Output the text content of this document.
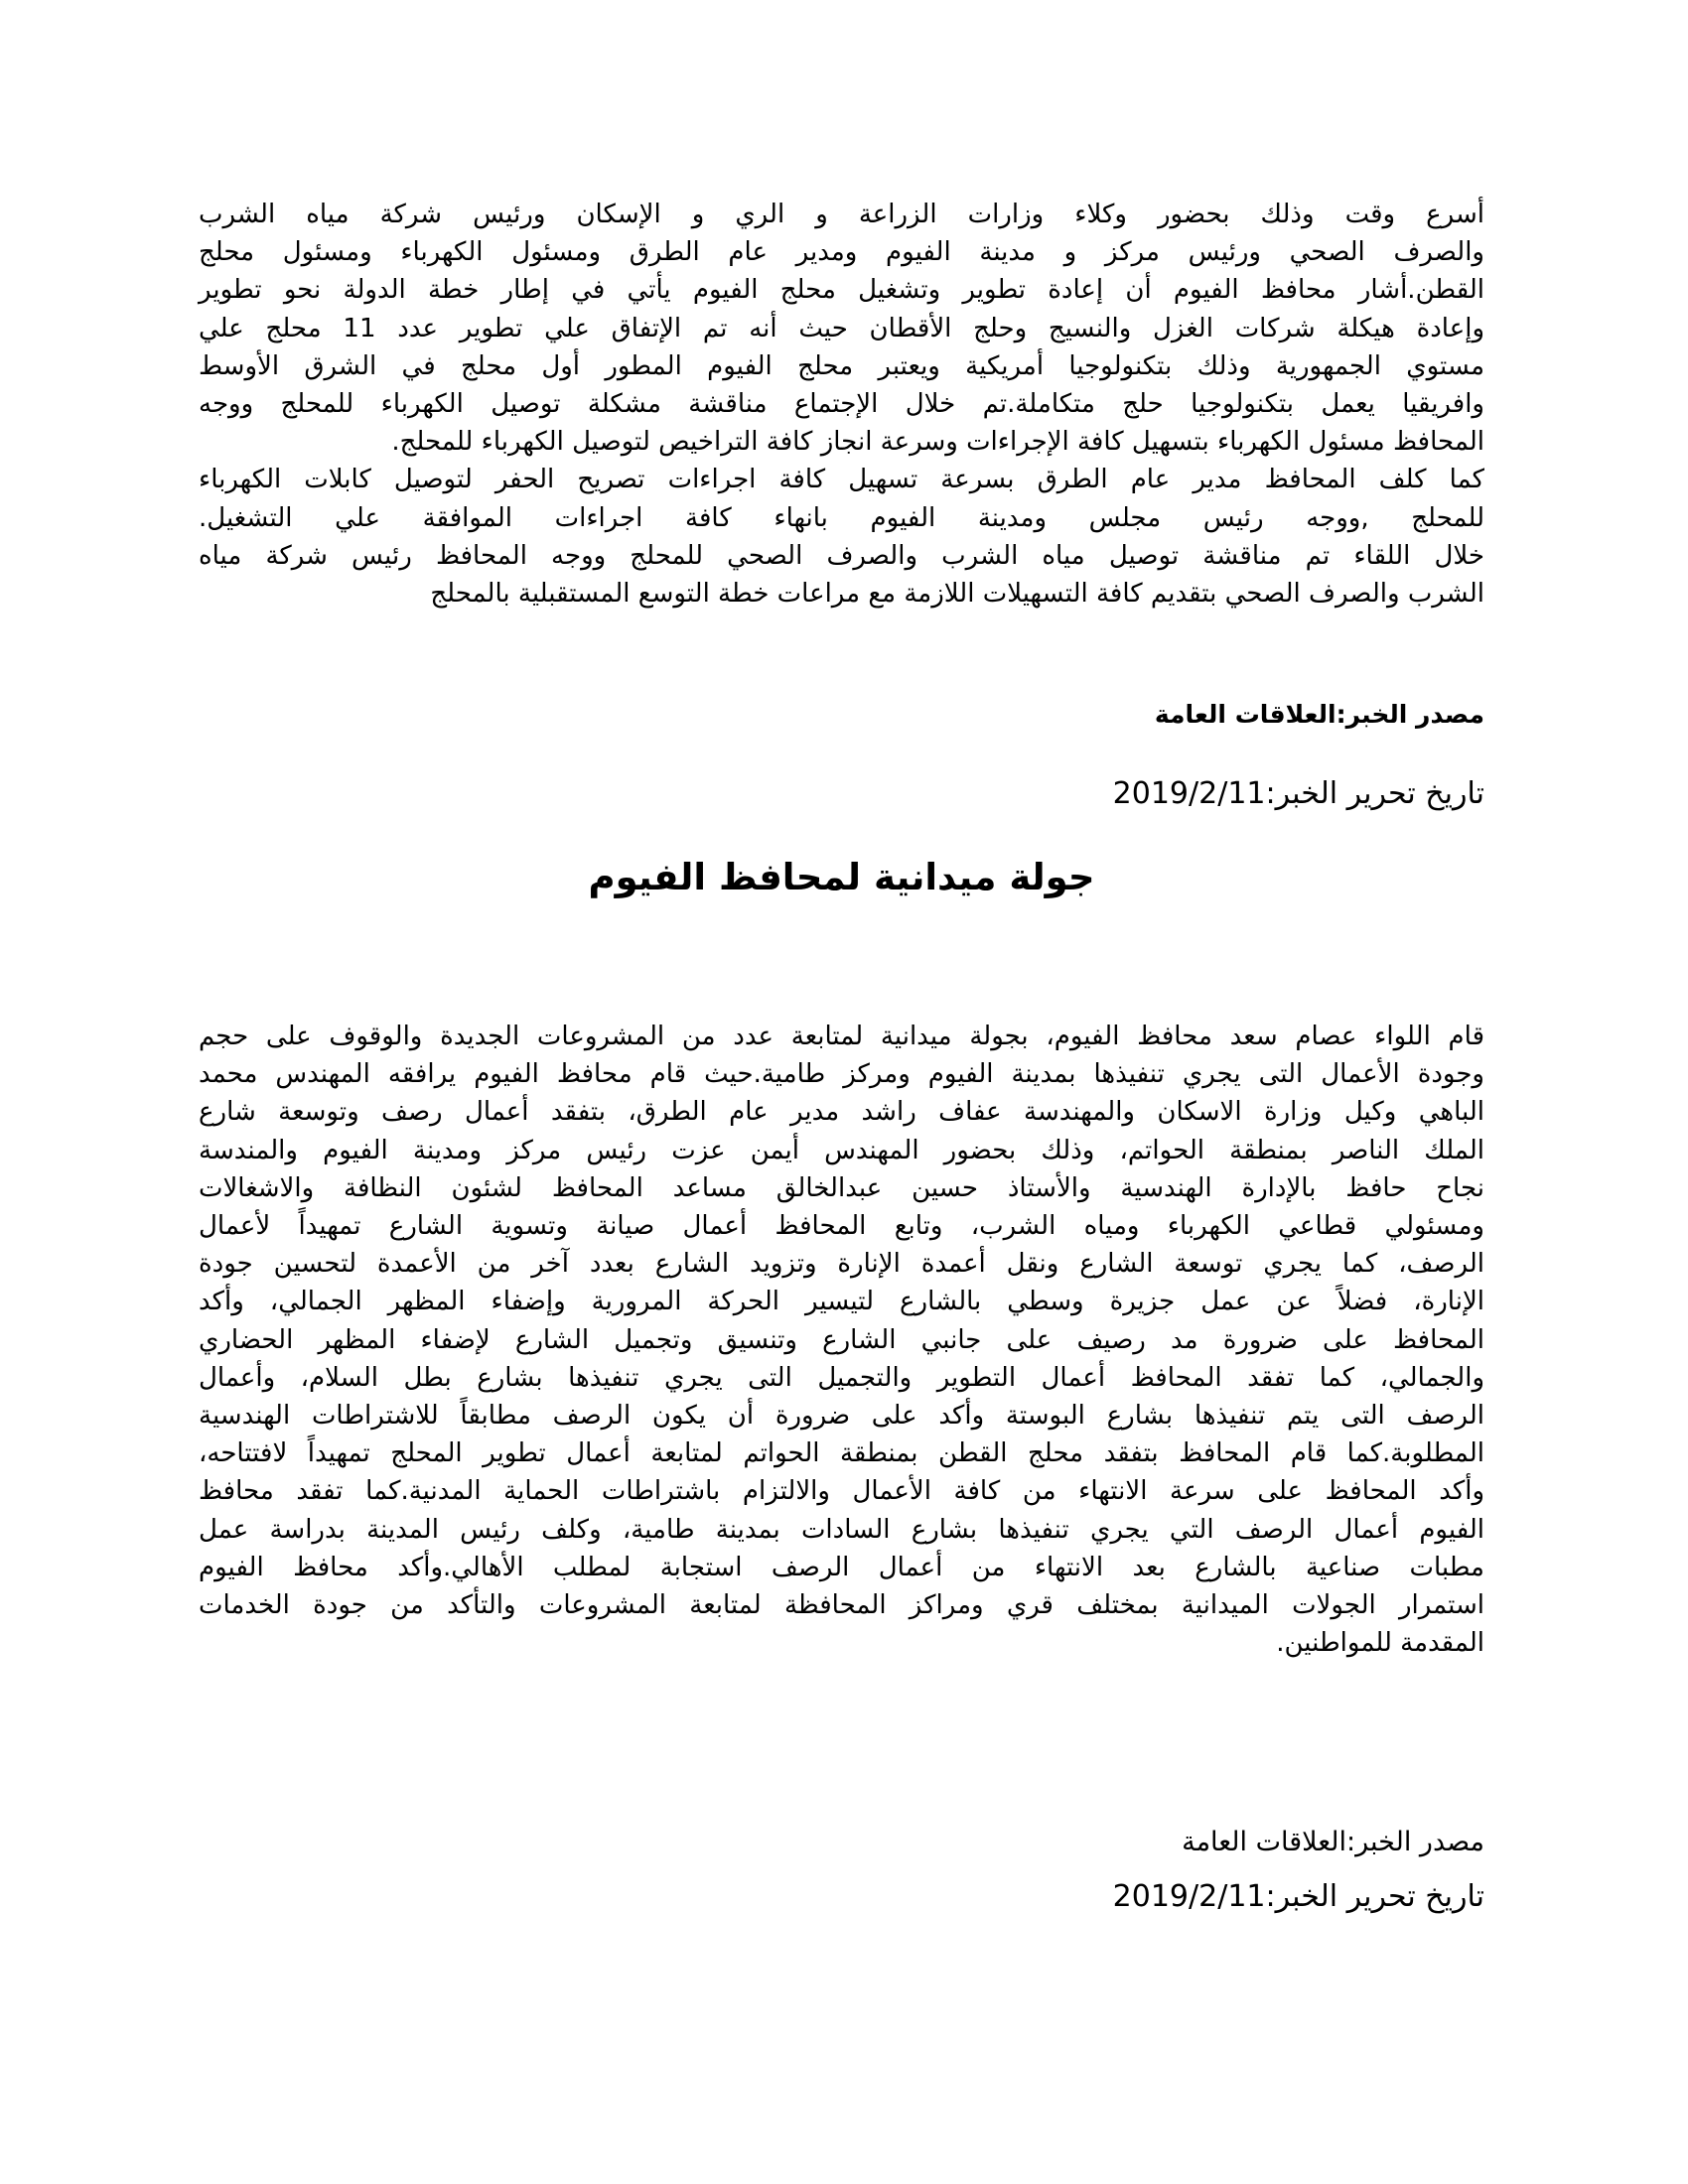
أسرع وقت وذلك بحضور وكلاء وزارات الزراعة و الري و الإسكان ورئيس شركة مياه الشرب
والصرف الصحي ورئيس مركز و مدينة الفيوم ومدير عام الطرق ومسئول الكهرباء ومسئول محلج
القطن.أشار محافظ الفيوم أن إعادة تطوير وتشغيل محلج الفيوم يأتي في إطار خطة الدولة نحو تطوير
وإعادة هيكلة شركات الغزل والنسيج وحلج الأقطان حيث أنه تم الإتفاق علي تطوير عدد 11 محلج علي
مستوي الجمهورية وذلك بتكنولوجيا أمريكية ويعتبر محلج الفيوم المطور أول محلج في الشرق الأوسط
وافريقيا يعمل بتكنولوجيا حلج متكاملة.تم خلال الإجتماع مناقشة مشكلة توصيل الكهرباء للمحلج ووجه
المحافظ مسئول الكهرباء بتسهيل كافة الإجراءات وسرعة انجاز كافة التراخيص لتوصيل الكهرباء للمحلج.
كما كلف المحافظ مدير عام الطرق بسرعة تسهيل كافة اجراءات تصريح الحفر لتوصيل كابلات الكهرباء
للمحلج ,ووجه رئيس مجلس ومدينة الفيوم بانهاء كافة اجراءات الموافقة علي التشغيل.
خلال اللقاء تم مناقشة توصيل مياه الشرب والصرف الصحي للمحلج ووجه المحافظ رئيس شركة مياه
الشرب والصرف الصحي بتقديم كافة التسهيلات اللازمة مع مراعات خطة التوسع المستقبلية بالمحلج
مصدر الخبر:العلاقات العامة
تاريخ تحرير الخبر:2019/2/11
جولة ميدانية لمحافظ الفيوم
قام اللواء عصام سعد محافظ الفيوم، بجولة ميدانية لمتابعة عدد من المشروعات الجديدة والوقوف على حجم
وجودة الأعمال التى يجري تنفيذها بمدينة الفيوم ومركز طامية.حيث قام محافظ الفيوم يرافقه المهندس محمد
الباهي وكيل وزارة الاسكان والمهندسة عفاف راشد مدير عام الطرق، بتفقد أعمال رصف وتوسعة شارع
الملك الناصر بمنطقة الحواتم، وذلك بحضور المهندس أيمن عزت رئيس مركز ومدينة الفيوم والمندسة
نجاح حافظ بالإدارة الهندسية والأستاذ حسين عبدالخالق مساعد المحافظ لشئون النظافة والاشغالات
ومسئولي قطاعي الكهرباء ومياه الشرب، وتابع المحافظ أعمال صيانة وتسوية الشارع تمهيداً لأعمال
الرصف، كما يجري توسعة الشارع ونقل أعمدة الإنارة وتزويد الشارع بعدد آخر من الأعمدة لتحسين جودة
الإنارة، فضلاً عن عمل جزيرة وسطي بالشارع لتيسير الحركة المرورية وإضفاء المظهر الجمالي، وأكد
المحافظ على ضرورة مد رصيف على جانبي الشارع وتنسيق وتجميل الشارع لإضفاء المظهر الحضاري
والجمالي، كما تفقد المحافظ أعمال التطوير والتجميل التى يجري تنفيذها بشارع بطل السلام، وأعمال
الرصف التى يتم تنفيذها بشارع البوستة وأكد على ضرورة أن يكون الرصف مطابقاً للاشتراطات الهندسية
المطلوبة.كما قام المحافظ بتفقد محلج القطن بمنطقة الحواتم لمتابعة أعمال تطوير المحلج تمهيداً لافتتاحه،
وأكد المحافظ على سرعة الانتهاء من كافة الأعمال والالتزام باشتراطات الحماية المدنية.كما تفقد محافظ
الفيوم أعمال الرصف التي يجري تنفيذها بشارع السادات بمدينة طامية، وكلف رئيس المدينة بدراسة عمل
مطبات صناعية بالشارع بعد الانتهاء من أعمال الرصف استجابة لمطلب الأهالي.وأكد محافظ الفيوم
استمرار الجولات الميدانية بمختلف قري ومراكز المحافظة لمتابعة المشروعات والتأكد من جودة الخدمات
المقدمة للمواطنين.
مصدر الخبر:العلاقات العامة
تاريخ تحرير الخبر:2019/2/11
